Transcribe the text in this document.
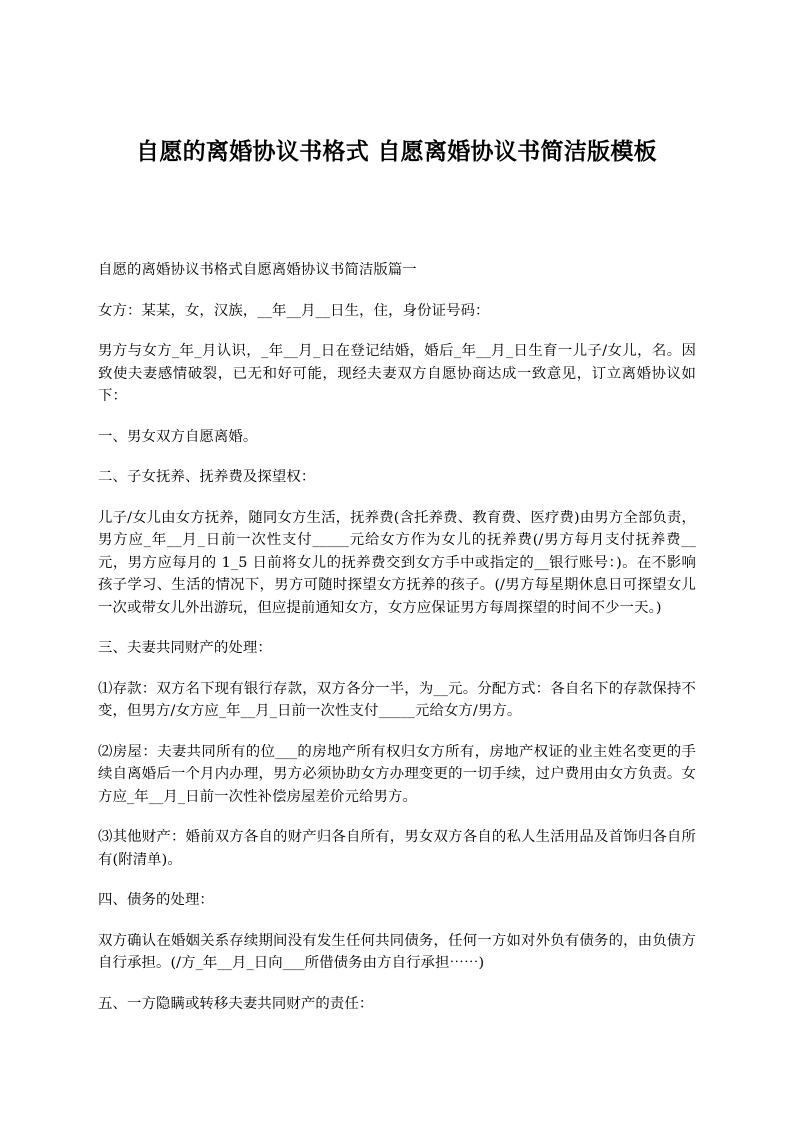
自愿的离婚协议书格式 自愿离婚协议书简洁版模板

自愿的离婚协议书格式自愿离婚协议书简洁版篇一

女方：某某，女，汉族，__年__月__日生，住，身份证号码：

男方与女方_年_月认识，_年__月_日在登记结婚，婚后_年__月_日生育一儿子/女儿，名。因致使夫妻感情破裂，已无和好可能，现经夫妻双方自愿协商达成一致意见，订立离婚协议如下：

一、男女双方自愿离婚。

二、子女抚养、抚养费及探望权：

儿子/女儿由女方抚养，随同女方生活，抚养费(含托养费、教育费、医疗费)由男方全部负责，男方应_年__月_日前一次性支付_____元给女方作为女儿的抚养费(/男方每月支付抚养费__元，男方应每月的 1_5 日前将女儿的抚养费交到女方手中或指定的__银行账号：)。在不影响孩子学习、生活的情况下，男方可随时探望女方抚养的孩子。(/男方每星期休息日可探望女儿一次或带女儿外出游玩，但应提前通知女方，女方应保证男方每周探望的时间不少一天。)

三、夫妻共同财产的处理：

⑴存款：双方名下现有银行存款，双方各分一半，为__元。分配方式：各自名下的存款保持不变，但男方/女方应_年__月_日前一次性支付_____元给女方/男方。

⑵房屋：夫妻共同所有的位___的房地产所有权归女方所有，房地产权证的业主姓名变更的手续自离婚后一个月内办理，男方必须协助女方办理变更的一切手续，过户费用由女方负责。女方应_年__月_日前一次性补偿房屋差价元给男方。

⑶其他财产：婚前双方各自的财产归各自所有，男女双方各自的私人生活用品及首饰归各自所有(附清单)。

四、债务的处理：

双方确认在婚姻关系存续期间没有发生任何共同债务，任何一方如对外负有债务的，由负债方自行承担。(/方_年__月_日向___所借债务由方自行承担⋯⋯)

五、一方隐瞒或转移夫妻共同财产的责任：
